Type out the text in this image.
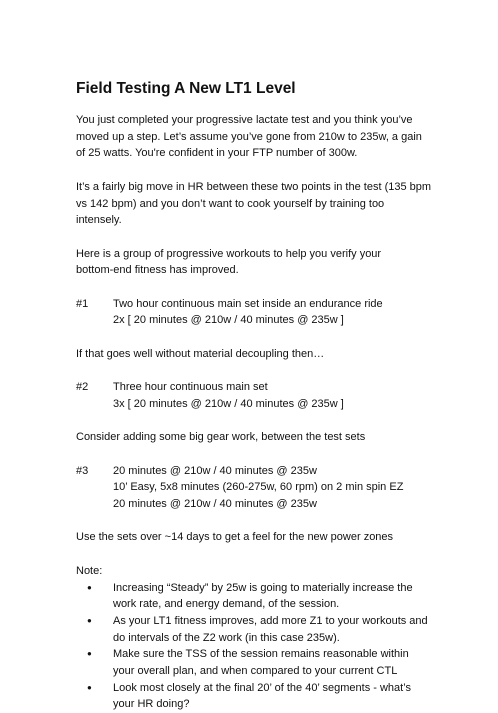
Field Testing A New LT1 Level

You just completed your progressive lactate test and you think you’ve
moved up a step. Let’s assume you’ve gone from 210w to 235w, a gain
of 25 watts. You're confident in your FTP number of 300w.

It’s a fairly big move in HR between these two points in the test (135 bpm
vs 142 bpm) and you don’t want to cook yourself by training too
intensely.

Here is a group of progressive workouts to help you verify your
bottom-end fitness has improved.

#1	Two hour continuous main set inside an endurance ride
2x [ 20 minutes @ 210w / 40 minutes @ 235w ]

If that goes well without material decoupling then…

#2	Three hour continuous main set
3x [ 20 minutes @ 210w / 40 minutes @ 235w ]

Consider adding some big gear work, between the test sets

#3	20 minutes @ 210w / 40 minutes @ 235w
10’ Easy, 5x8 minutes (260-275w, 60 rpm) on 2 min spin EZ
20 minutes @ 210w / 40 minutes @ 235w

Use the sets over ~14 days to get a feel for the new power zones

Note:
●	Increasing “Steady” by 25w is going to materially increase the
work rate, and energy demand, of the session.
●	As your LT1 fitness improves, add more Z1 to your workouts and
do intervals of the Z2 work (in this case 235w).
●	Make sure the TSS of the session remains reasonable within
your overall plan, and when compared to your current CTL
●	Look most closely at the final 20’ of the 40’ segments - what’s
your HR doing?
